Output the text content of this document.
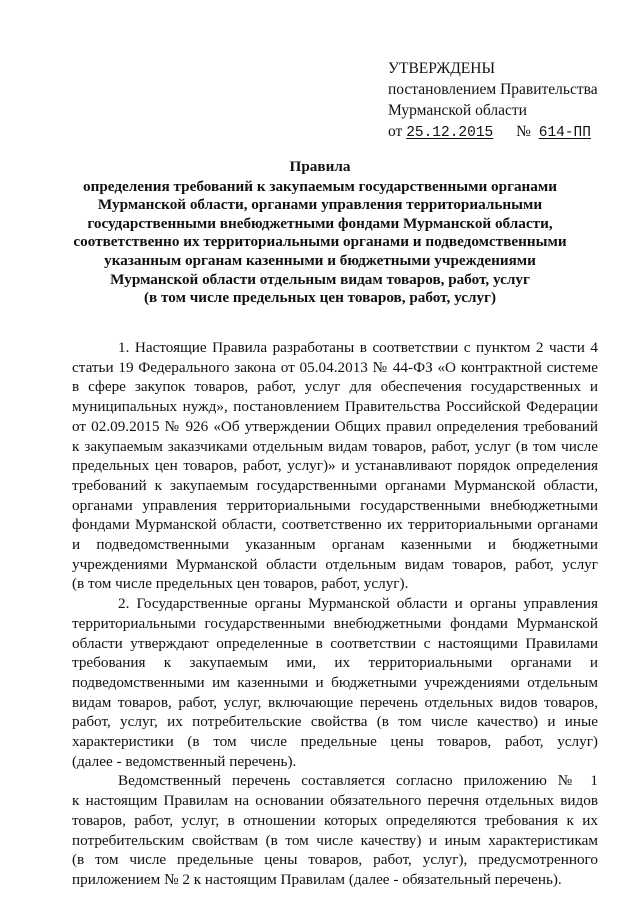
УТВЕРЖДЕНЫ
постановлением Правительства
Мурманской области
от 25.12.2015 № 614-ПП
Правила
определения требований к закупаемым государственными органами
Мурманской области, органами управления территориальными
государственными внебюджетными фондами Мурманской области,
соответственно их территориальными органами и подведомственными
указанным органам казенными и бюджетными учреждениями
Мурманской области отдельным видам товаров, работ, услуг
(в том числе предельных цен товаров, работ, услуг)
1. Настоящие Правила разработаны в соответствии с пунктом 2 части 4
статьи 19 Федерального закона от 05.04.2013 № 44-ФЗ «О контрактной системе
в сфере закупок товаров, работ, услуг для обеспечения государственных и
муниципальных нужд», постановлением Правительства Российской Федерации
от 02.09.2015 № 926 «Об утверждении Общих правил определения требований
к закупаемым заказчиками отдельным видам товаров, работ, услуг (в том числе
предельных цен товаров, работ, услуг)» и устанавливают порядок определения
требований к закупаемым государственными органами Мурманской области,
органами управления территориальными государственными внебюджетными
фондами Мурманской области, соответственно их территориальными органами
и подведомственными указанным органам казенными и бюджетными
учреждениями Мурманской области отдельным видам товаров, работ, услуг
(в том числе предельных цен товаров, работ, услуг).
2. Государственные органы Мурманской области и органы управления
территориальными государственными внебюджетными фондами Мурманской
области утверждают определенные в соответствии с настоящими Правилами
требования к закупаемым ими, их территориальными органами и
подведомственными им казенными и бюджетными учреждениями отдельным
видам товаров, работ, услуг, включающие перечень отдельных видов товаров,
работ, услуг, их потребительские свойства (в том числе качество) и иные
характеристики (в том числе предельные цены товаров, работ, услуг)
(далее - ведомственный перечень).
Ведомственный перечень составляется согласно приложению № 1
к настоящим Правилам на основании обязательного перечня отдельных видов
товаров, работ, услуг, в отношении которых определяются требования к их
потребительским свойствам (в том числе качеству) и иным характеристикам
(в том числе предельные цены товаров, работ, услуг), предусмотренного
приложением № 2 к настоящим Правилам (далее - обязательный перечень).
